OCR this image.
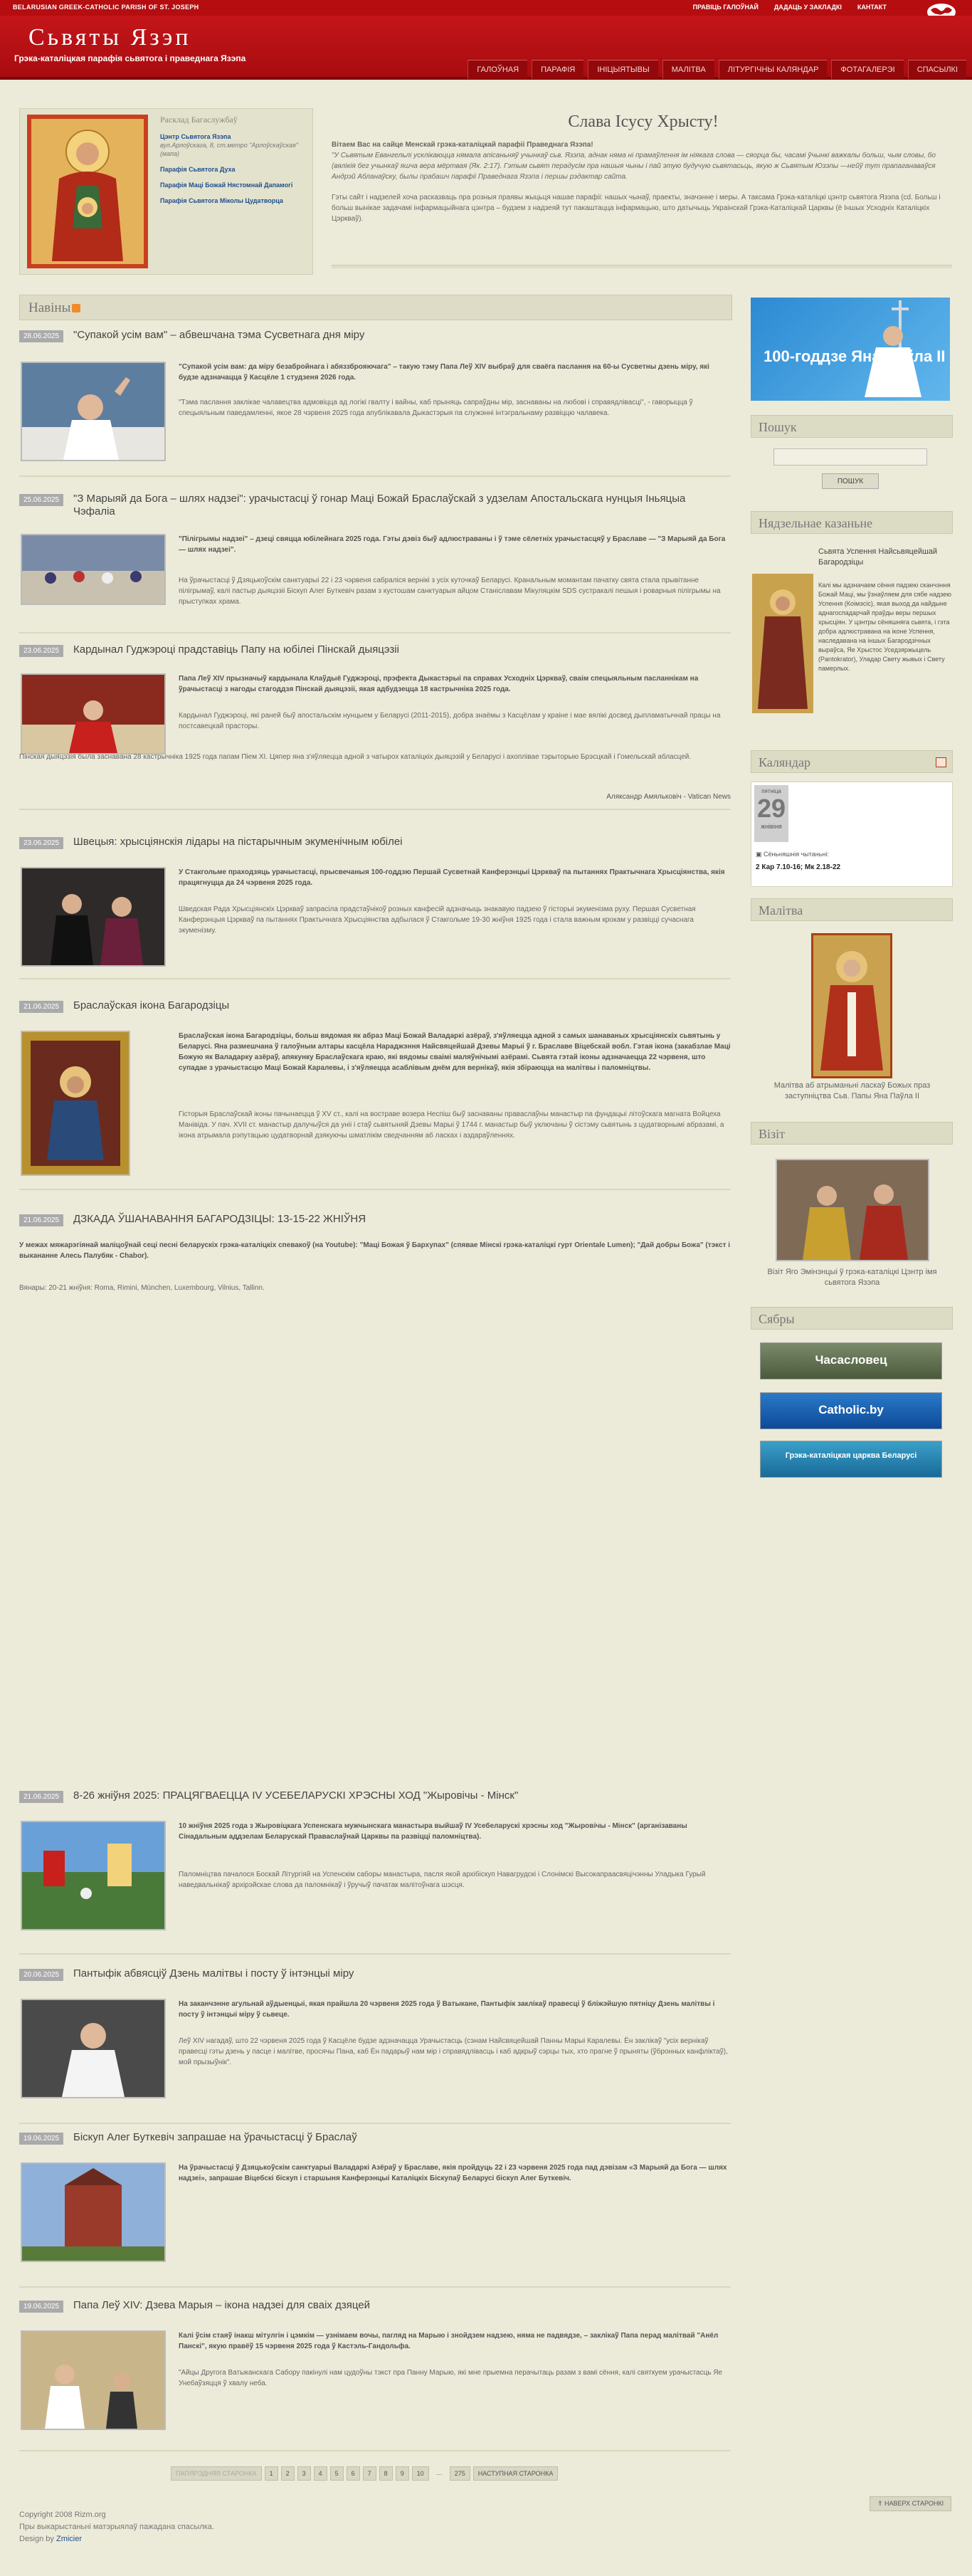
BELARUSIAN GREEK-CATHOLIC PARISH OF ST. JOSEPH	ПРАВІЦЬ ГАЛОЎНАЙ ДАДАЦЬ У ЗАКЛАДКІ КАНТАКТ
Сьвяты Язэп
Грэка-каталіцкая парафія сьвятога і праведнага Язэпа
ГАЛОЎНАЯ	ПАРАФІЯ	ІНІЦЫЯТЫВЫ	МАЛІТВА	ЛІТУРГІЧНЫ КАЛЯНДАР	ФОТАГАЛЕРЭІ	СПАСЫЛКІ
Расклад Багаслужбаў
Цэнтр Сьвятога Язэпа
вул.Арлоўскага, 8, ст.метро "Арлоўскаўская" (мапа)
Парафія Сьвятога Духа
Парафія Маці Божай Нястомнай Дапамогі
Парафія Сьвятога Міколы Цудатворца
Слава Ісусу Хрысту!

Вітаем Вас на сайце Менскай грэка-каталіцкай парафіі Праведнага Язэпа!
"У Сьвятым Евангельлі усклікаюцца нямала апісаньняў учынкаў сьв. Язэпа, аднак няма ні прамаўлення ім ніякага слова — сяорца бы, часамі ўчынкі важкалы больш, чым словы, бо (вялікія бег учынкаў яшча вера мёртвая (Як. 2:17). Гэтым сьвят перадусім пра нашыя чыны і пай этую будучую сьвятасьць, якую ж Сьвятым Юзэпы —нейў тут прапаганаваўся Андрэй Абланаўску, былы прабашч парафіі Праведнага Язэпа і першы рэдактар сайта.

Гэты сайт і надзелей хоча расказваць пра розныя праявы жыцьця нашае парафіі: нашых чынаў, праекты, значэнне і меры. А таксама Грэка-каталіцкі цэнтр сьвятога Язэпа (cd. Больш і больш вынікае задачамі інфармацыйнага цэнтра – будзем з надзеяй тут пакаштацца інфармацыю, што датычыць Украінскай Грэка-Каталіцкай Царквы (ё Іншых Усходніх Каталіцкіх Цэркваў).

Навіны
28.06.2025	"Супакой усім вам" – абвешчана тэма Сусветнага дня міру
"Супакой усім вам: да міру безабройнага і абяззброяючага" – такую тэму Папа Леў XIV выбраў для сваёга паслання на 60-ы Сусветны дзень міру, які будзе адзначацца ў Касцёле 1 студзеня 2026 года.
"Тэма паслання заклікае чалавецтва адмовіцца ад логікі гвалту і вайны, каб прыняць сапраўдны мір, заснаваны на любові і справядлівасці", - гаворыцца ў спецыяльным паведамленні, якое 28 чэрвеня 2025 года апублікавала Дыкастэрыя па служэнні інтэгральнаму развіццю чалавека.
25.06.2025	"З Марыяй да Бога – шлях надзеі": урачыстасці ў гонар Маці Божай Браслаўскай з удзелам Апостальскага нунцыя Іньяцыа Чэфаліа
"Пілігрымы надзеі" – дзеці свяцца юбілейнага 2025 года. Гэты дэвіз быў адлюстраваны і ў тэме сёлетніх урачыстасцяў у Браславе — "З Марыяй да Бога — шлях надзеі".
На ўрачыстасці ў Дзяцькоўскім санктуарыі 22 і 23 чэрвеня сабраліся вернікі з усіх куточкаў Беларусі. Кранальным момантам пачатку свята стала прывітанне пілігрымаў, калі пастыр дыяцэзіі Біскуп Алег Буткевіч разам з кустошам санктуарыя айцом Станіславам Мікуляцкім SDS сустракалі пешыя і роварныя пілігрымы на прыступках храма.
23.06.2025	Кардынал Гуджэроці прадставіць Папу на юбілеі Пінскай дыяцэзіі
Папа Леў XIV прызначыў кардынала Клаўдыё Гуджэроці, прэфекта Дыкастэрыі па справах Усходніх Цэркваў, сваім спецыяльным пасланнікам на ўрачыстасці з нагоды стагоддзя Пінскай дыяцэзіі, якая адбудзецца 18 кастрычніка 2025 года.
Кардынал Гуджэроці, які раней быў апостальскім нунцыем у Беларусі (2011-2015), добра знаёмы з Касцёлам у краіне і мае вялікі досвед дыпламатычнай працы на постсавецкай прасторы.
Пінская дыяцэзія была заснавана 28 кастрычніка 1925 года папам Піем XI. Цяпер яна з'яўляецца адной з чатырох каталіцкіх дыяцэзій у Беларусі і ахоплівае тэрыторыю Брэсцкай і Гомельскай абласцей.
Аляксандр Амяльковіч - Vatican News
23.06.2025	Швецыя: хрысціянскія лідары на пістарычным экуменічным юбілеі
У Стакгольме праходзяць урачыстасці, прысвечаныя 100-годдзю Першай Сусветнай Канферэнцыі Цэркваў па пытаннях Практычнага Хрысціянства, якія працягнуцца да 24 чэрвеня 2025 года.
Шведская Рада Хрысціянскіх Цэркваў запрасіла прадстаўнікоў розных канфесій адзначыць знакавую падзею ў гісторыі экуменізма руху. Першая Сусветная Канферэнцыя Цэркваў па пытаннях Практычнага Хрысціянства адбылася ў Стакгольме 19-30 жніўня 1925 года і стала важным крокам у развіцці сучаснага экуменізму.
21.06.2025	Браслаўская ікона Багародзіцы
Браслаўская ікона Багародзіцы, больш вядомая як абраз Маці Божай Валадаркі азёраў, з'яўляецца адной з самых шанаваных хрысціянскіх сьвятынь у Беларусі. Яна размешчана ў галоўным алтары касцёла Нараджэння Найсвяцейшай Дзевы Марыі ў г. Браславе Віцебскай вобл. Гэтая ікона (закабзлае Маці Божую як Валадарку азёраў, апякунку Браслаўскага краю, які вядомы сваімі маляўнічымі азёрамі. Сьвята гэтай іконы адзначаецца 22 чэрвеня, што супадае з урачыстасцю Маці Божай Каралевы, і з'яўляецца асаблівым днём для вернікаў, якія збіраюцца на малітвы і паломніцтвы.
Гісторыя Браслаўскай іконы пачынаецца ў XV ст., калі на востраве возера Неспіш быў заснаваны праваслаўны манастыр па фундацыі літоўскага магната Войцеха Манівіда. У пач. XVII ст. манастыр далучыўся да уніі і стаў сьвятыняй Дзевы Марыі ў 1744 г. манастыр быў уключаны ў сістэму сьвятынь з цудатворнымі абразамі, а ікона атрымала рэпутацыю цудатворнай дзякуючы шматлікім сведчанням аб ласках і аздараўленнях.
21.06.2025	ДЗКАДА ЎШАНАВАННЯ БАГАРОДЗІЦЫ: 13-15-22 ЖНІЎНЯ
У межах мяжарэгіянай маліцоўнай сеці песні беларускіх грэка-каталіцкіх спевакоў (на Youtube): "Маці Божая ў Бархупах" (спявае Мінскі грэка-каталіцкі гурт Orientale Lumen); "Дай добры Божа" (тэкст і выкананне Алесь Палубяк - Chabor).
Вянары: 20-21 жніўня: Roma, Rimini, München, Luxembourg, Vilnius, Tallinn.
21.06.2025	8-26 жніўня 2025: ПРАЦЯГВАЕЦЦА IV УСЕБЕЛАРУСКІ ХРЭСНЫ ХОД "Жыровічы - Мінск"
10 жніўня 2025 года з Жыровіцкага Успенскага мужчынскага манастыра выйшаў IV Усебеларускі хрэсны ход "Жыровічы - Мінск" (арганізаваны Сінадальным аддзелам Беларускай Праваслаўнай Царквы па развіцці паломніцтва).
Паломніцтва пачалося Боскай Літургіяй на Успенскім саборы манастыра, пасля якой архібіскуп Навагрудскі і Слонімскі Высокапраасвяцічэнны Уладыка Гурый наведвальнікаў архірэйскае слова да паломнікаў і ўручыў пачатак малітоўнага шэсця.
20.06.2025	Пантыфік абвясціў Дзень малітвы і посту ў інтэнцыі міру
На заканчэнне агульнай аўдыенцыі, якая прайшла 20 чэрвеня 2025 года ў Ватыкане, Пантыфік заклікаў правесці ў бліжэйшую пятніцу Дзень малітвы і посту ў інтэнцыі міру ў сьвеце.
Леў XIV нагадаў, што 22 чэрвеня 2025 года ў Касцёле будзе адзначацца Урачыстасць (сэнам Найсвяцейшай Панны Марыі Каралевы. Ён заклікаў "усіх вернікаў правесці гэты дзень у пасце і малітве, просячы Пана, каб Ён падарыў нам мір і справядлівасць і каб адкрыў сэрцы тых, хто прагне ў прыняты (ўбронных канфліктаў), мой прызыўнік".
19.06.2025	Біскуп Алег Буткевіч запрашае на ўрачыстасці ў Браслаў
На ўрачыстасці ў Дзяцькоўскім санктуарыі Валадаркі Азёраў у Браславе, якія пройдуць 22 і 23 чэрвеня 2025 года пад дэвізам «З Марыяй да Бога — шлях надзеі», запрашае Віцебскі біскуп і старшыня Канферэнцыі Каталіцкіх Біскупаў Беларусі біскуп Алег Буткевіч.
19.06.2025	Папа Леў XIV: Дзева Марыя – ікона надзеі для сваіх дзяцей
Калі ўсім стаяў інакш мітулгін і цэмкім — узнімаем вочы, пагляд на Марыю і знойдзем надзею, няма не падвядзе, – заклікаў Папа перад малітвай "Анёл Панскі", якую правёў 15 чэрвеня 2025 года ў Кастэль-Гандольфа.
"Айцы Другога Ватыканскага Сабору пакінулі нам цудоўны тэкст пра Панну Марыю, які мне прыемна перачытаць разам з вамі сёння, калі святкуем урачыстасць Яе Унебаўзяцця ў хвалу неба.
ПАПЯРЭДНЯЯ СТАРОНКА	1	2	3	4	5	6	7	8	9	10	…	275	НАСТУПНАЯ СТАРОНКА
⇑ НАВЕРХ СТАРОНКІ
Copyright 2008 Rizm.org
Пры выкарыстаньні матэрыялаў пажадана спасылка.
Design by Zmicier
100-годдзе Яна Паўла ІІ
Пошук
ПОШУК
Нядзельнае казаньне
Сьвята Успення Найсьвяцейшай Багародзіцы
Калі мы адзначаем сёння падзею сканчэння Божай Маці, мы ўзнаўляем для сябе надзею Успення (Коімэсіс), якая выход да найдыне аднагоспадарчай праўды веры першых хрысціян. У цэнтры сёняшняга сьвята, і гэта добра адлюстравана на іконе Успення, наследавана на іншых Багародзічных выраўса, Яе Хрыстос Уседзяржыцель (Pantokrator), Уладар Свету жывых і Свету памерлых.
Каляндар
пятніца
29
жнівіня
▣ Сёньняшнія чытаньні:
2 Кар 7.10-16; Мк 2.18-22
Малітва
Малітва аб атрыманьні ласкаў Божых праз заступніцтва Сьв. Папы Яна Паўла ІІ
Візіт
Візіт Яго Эмінэнцыі ў грэка-каталіцкі Цэнтр імя сьвятога Язэпа
Сябры
Часасловец
Catholic.by
Грэка-каталіцкая царква Беларусі
